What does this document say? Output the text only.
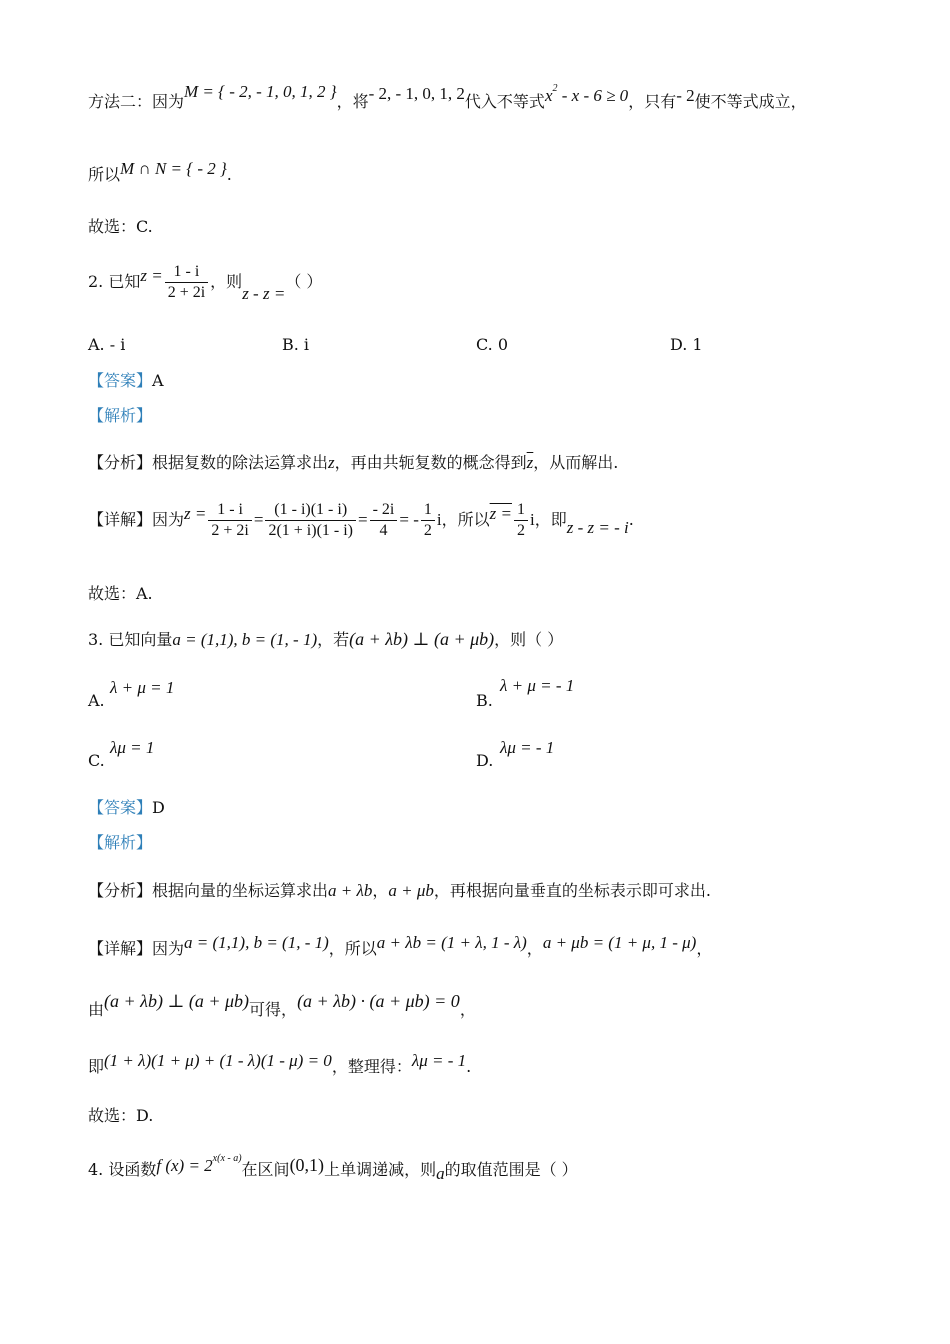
方法二：因为M = { - 2, - 1, 0, 1, 2 }，将- 2, - 1, 0, 1, 2代入不等式$x^2 - x - 6 \ge 0$，只有- 2使不等式成立，
所以M ∩ N = { - 2 }.
故选：C.
2. 已知$z = \frac{1 - i}{2 + 2i}$ ，则z - z =（ ）
A. - i	B. i	C. 0	D. 1
【答案】A
【解析】
【分析】根据复数的除法运算求出z，再由共轭复数的概念得到$\overline{z}$，从而解出.
【详解】因为$z = \frac{1 - i}{2 + 2i} = \frac{(1 - i)(1 - i)}{2(1 + i)(1 - i)} = \frac{- 2i}{4}$ = - $\frac{1}{2}$ i，所以$z = \frac{1}{2}$ i，即z - z = - i.
故选：A.
3. 已知向量a = (1,1), b = (1, - 1)，若(a + λb) ⊥ (a + μb)，则（ ）
A.
λ + μ = 1
B.
λ + μ = - 1
C.
λμ = 1
D.
λμ = - 1
【答案】D
【解析】
【分析】根据向量的坐标运算求出a + λb，a + μb，再根据向量垂直的坐标表示即可求出.
【详解】因为a = (1,1), b = (1, - 1)，所以a + λb = (1 + λ, 1 - λ)，a + μb = (1 + μ, 1 - μ)，
由(a + λb) ⊥ (a + μb)可得，(a + λb) · (a + μb) = 0，
即(1 + λ)(1 + μ) + (1 - λ)(1 - μ) = 0，整理得：λμ = - 1.
故选：D.
4. 设函数f $(x) = 2^{x(x - a)}$在区间(0,1)上单调递减，则a的取值范围是（ ）
